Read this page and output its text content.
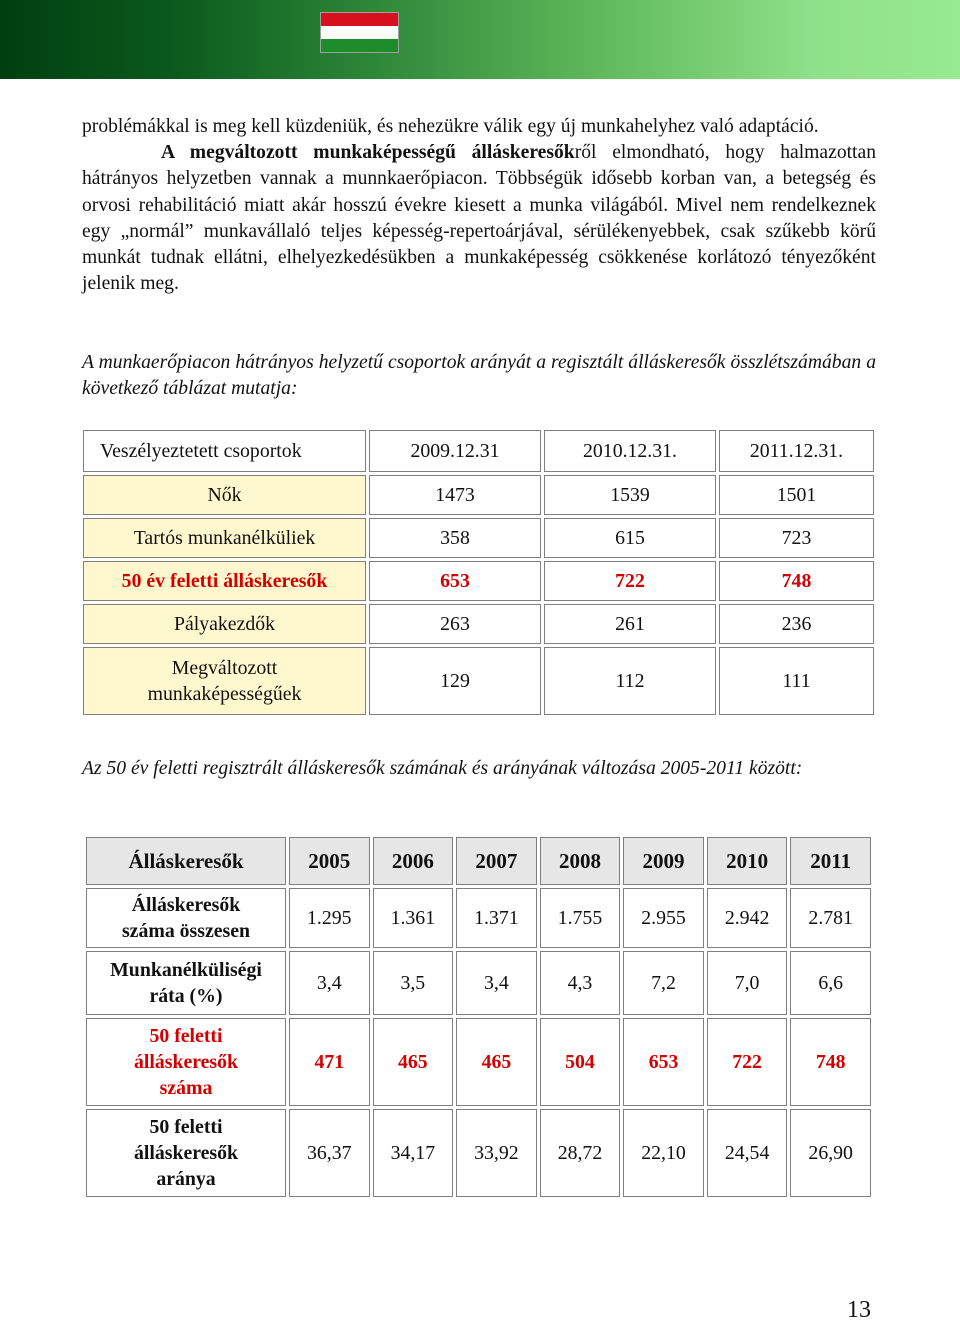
problémákkal is meg kell küzdeniük, és nehezükre válik egy új munkahelyhez való adaptáció.
A megváltozott munkaképességű álláskeresőkről elmondható, hogy halmazottan hátrányos helyzetben vannak a munnkaerőpiacon. Többségük idősebb korban van, a betegség és orvosi rehabilitáció miatt akár hosszú évekre kiesett a munka világából. Mivel nem rendelkeznek egy „normál” munkavállaló teljes képesség-repertoárjával, sérülékenyebbek, csak szűkebb körű munkát tudnak ellátni, elhelyezkedésükben a munkaképesség csökkenése korlátozó tényezőként jelenik meg.

A munkaerőpiacon hátrányos helyzetű csoportok arányát a regisztált álláskeresők összlétszámában a következő táblázat mutatja:

Veszélyeztetett csoportok	2009.12.31	2010.12.31.	2011.12.31.
Nők	1473	1539	1501
Tartós munkanélküliek	358	615	723
50 év feletti álláskeresők	653	722	748
Pályakezdők	263	261	236
Megváltozott
munkaképességűek	129	112	111

Az 50 év feletti regisztrált álláskeresők számának és arányának változása 2005-2011 között:

Álláskeresők	2005	2006	2007	2008	2009	2010	2011
Álláskeresők
száma összesen	1.295	1.361	1.371	1.755	2.955	2.942	2.781
Munkanélküliségi
ráta (%)	3,4	3,5	3,4	4,3	7,2	7,0	6,6
50 feletti
álláskeresők
száma	471	465	465	504	653	722	748
50 feletti
álláskeresők
aránya	36,37	34,17	33,92	28,72	22,10	24,54	26,90
13
